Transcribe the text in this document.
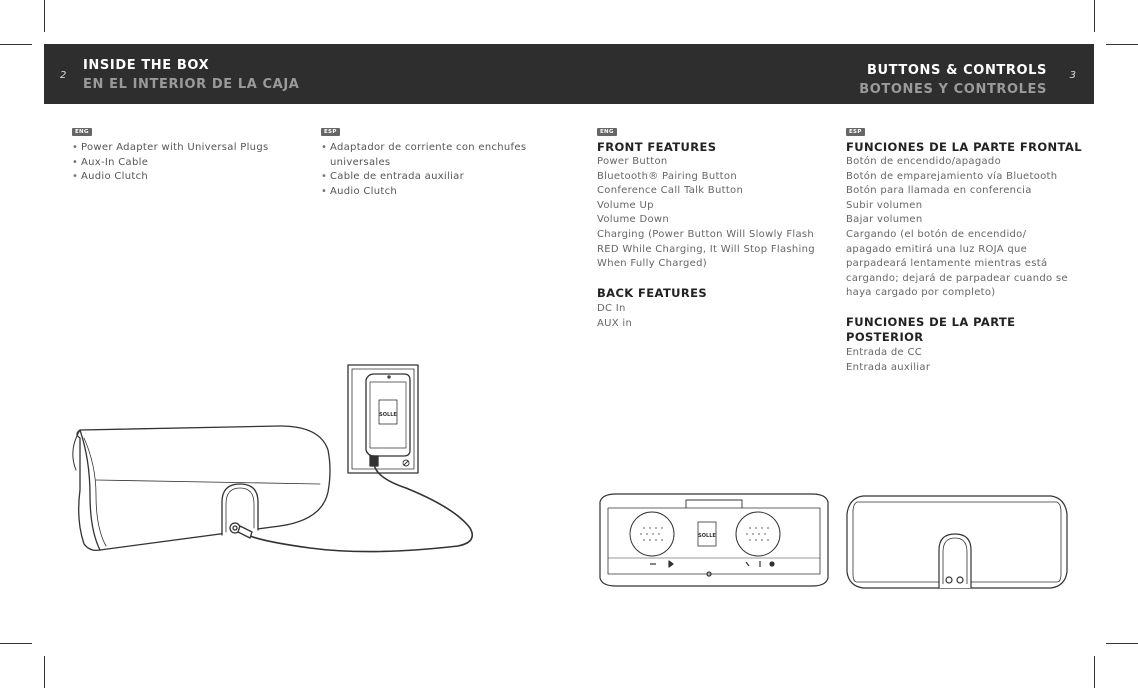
2
INSIDE THE BOX
EN EL INTERIOR DE LA CAJA
BUTTONS & CONTROLS
BOTONES Y CONTROLES
3
ENG
• Power Adapter with Universal Plugs
• Aux-In Cable
• Audio Clutch
ESP
• Adaptador de corriente con enchufes
universales
• Cable de entrada auxiliar
• Audio Clutch
ENG
FRONT FEATURES
Power Button
Bluetooth® Pairing Button
Conference Call Talk Button
Volume Up
Volume Down
Charging (Power Button Will Slowly Flash
RED While Charging, It Will Stop Flashing
When Fully Charged)
BACK FEATURES
DC In
AUX in
ESP
FUNCIONES DE LA PARTE FRONTAL
Botón de encendido/apagado
Botón de emparejamiento vía Bluetooth
Botón para llamada en conferencia
Subir volumen
Bajar volumen
Cargando (el botón de encendido/
apagado emitirá una luz ROJA que
parpadeará lentamente mientras está
cargando; dejará de parpadear cuando se
haya cargado por completo)
FUNCIONES DE LA PARTE
POSTERIOR
Entrada de CC
Entrada auxiliar
SOLLE
SOLLE
